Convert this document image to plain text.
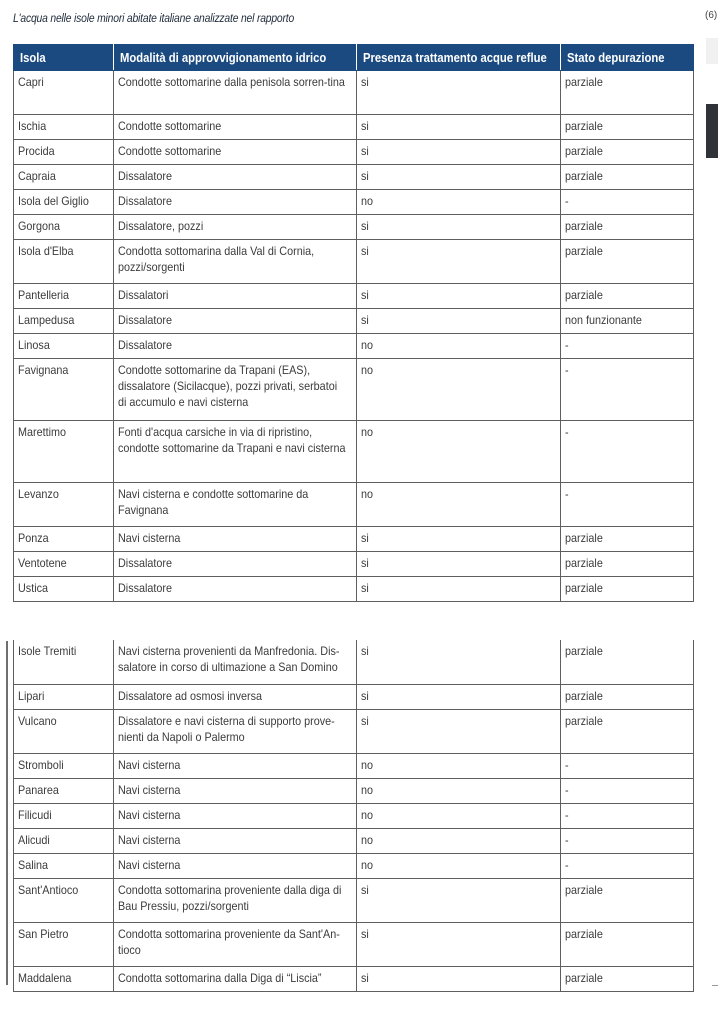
L'acqua nelle isole minori abitate italiane analizzate nel rapporto	(6)
Isola	Modalità di approvvigionamento idrico	Presenza trattamento acque reflue	Stato depurazione
Capri	Condotte sottomarine dalla penisola sorren-tina	si	parziale
Ischia	Condotte sottomarine	si	parziale
Procida	Condotte sottomarine	si	parziale
Capraia	Dissalatore	si	parziale
Isola del Giglio	Dissalatore	no	-
Gorgona	Dissalatore, pozzi	si	parziale
Isola d'Elba	Condotta sottomarina dalla Val di Cornia, pozzi/sorgenti	si	parziale
Pantelleria	Dissalatori	si	parziale
Lampedusa	Dissalatore	si	non funzionante
Linosa	Dissalatore	no	-
Favignana	Condotte sottomarine da Trapani (EAS), dissalatore (Sicilacque), pozzi privati, serbatoi di accumulo e navi cisterna	no	-
Marettimo	Fonti d'acqua carsiche in via di ripristino, condotte sottomarine da Trapani e navi cisterna	no	-
Levanzo	Navi cisterna e condotte sottomarine da Favignana	no	-
Ponza	Navi cisterna	si	parziale
Ventotene	Dissalatore	si	parziale
Ustica	Dissalatore	si	parziale
Isole Tremiti	Navi cisterna provenienti da Manfredonia. Dis-salatore in corso di ultimazione a San Domino	si	parziale
Lipari	Dissalatore ad osmosi inversa	si	parziale
Vulcano	Dissalatore e navi cisterna di supporto prove-nienti da Napoli o Palermo	si	parziale
Stromboli	Navi cisterna	no	-
Panarea	Navi cisterna	no	-
Filicudi	Navi cisterna	no	-
Alicudi	Navi cisterna	no	-
Salina	Navi cisterna	no	-
Sant'Antioco	Condotta sottomarina proveniente dalla diga di Bau Pressiu, pozzi/sorgenti	si	parziale
San Pietro	Condotta sottomarina proveniente da Sant'An-tioco	si	parziale
Maddalena	Condotta sottomarina dalla Diga di “Liscia”	si	parziale
